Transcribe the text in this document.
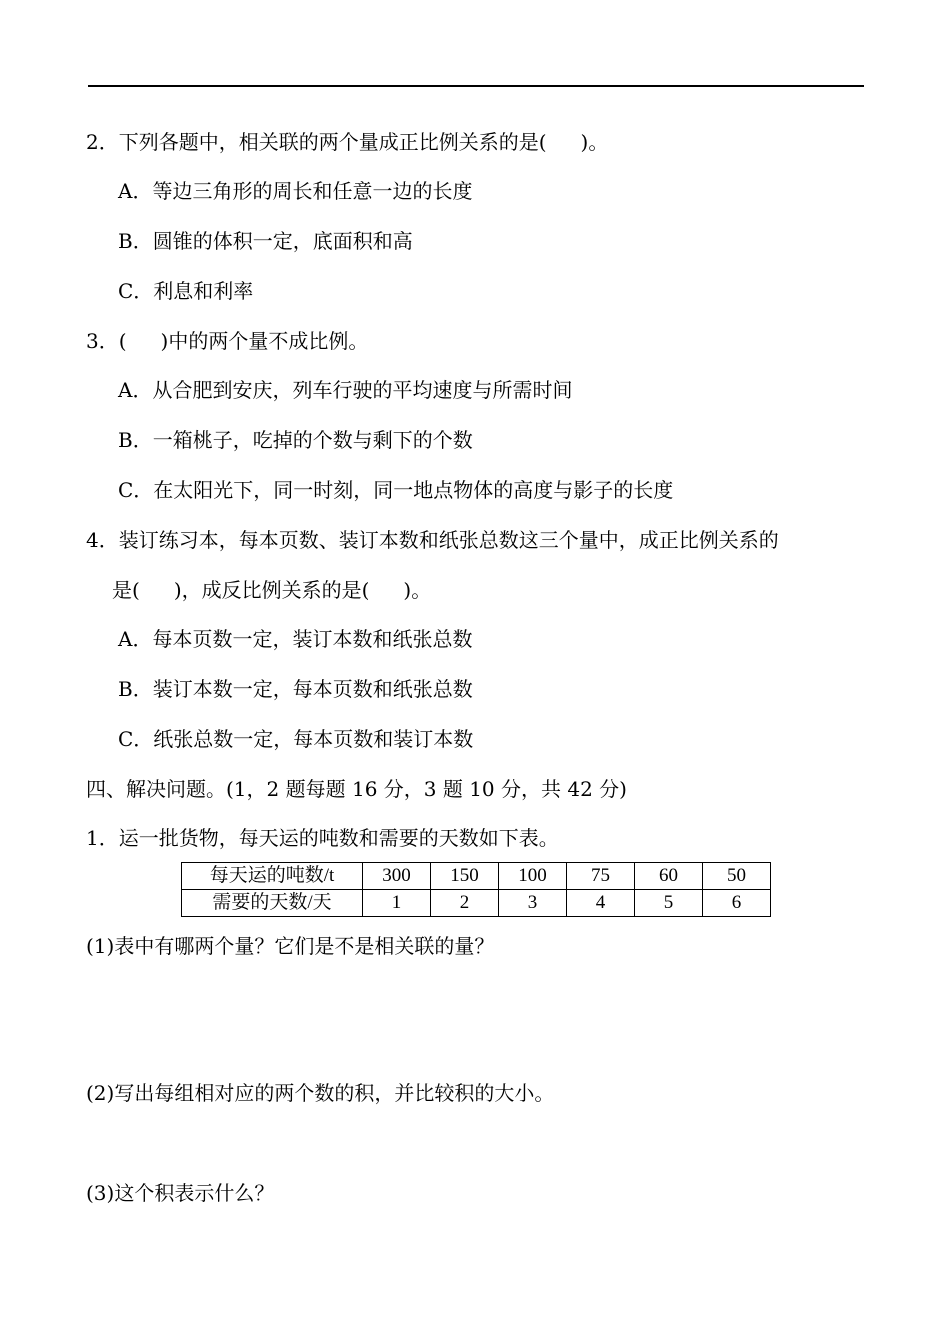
2．下列各题中，相关联的两个量成正比例关系的是( )。
A．等边三角形的周长和任意一边的长度
B．圆锥的体积一定，底面积和高
C．利息和利率
3．( )中的两个量不成比例。
A．从合肥到安庆，列车行驶的平均速度与所需时间
B．一箱桃子，吃掉的个数与剩下的个数
C．在太阳光下，同一时刻，同一地点物体的高度与影子的长度
4．装订练习本，每本页数、装订本数和纸张总数这三个量中，成正比例关系的
是( )，成反比例关系的是( )。
A．每本页数一定，装订本数和纸张总数
B．装订本数一定，每本页数和纸张总数
C．纸张总数一定，每本页数和装订本数
四、解决问题。(1，2 题每题 16 分，3 题 10 分，共 42 分)
1．运一批货物，每天运的吨数和需要的天数如下表。
每天运的吨数/t	300	150	100	75	60	50
需要的天数/天	1	2	3	4	5	6
(1)表中有哪两个量？它们是不是相关联的量？
(2)写出每组相对应的两个数的积，并比较积的大小。
(3)这个积表示什么？
